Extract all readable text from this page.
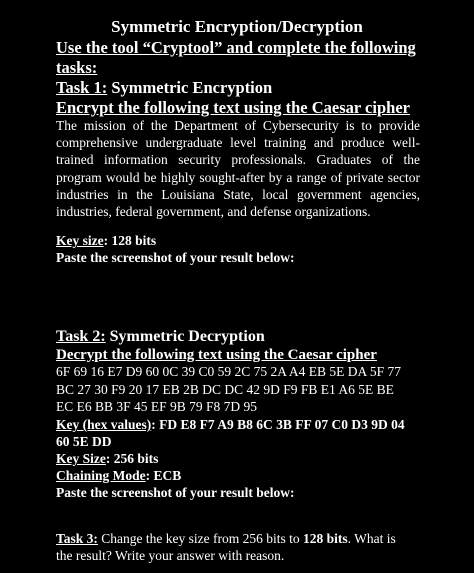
Symmetric Encryption/Decryption
Use the tool “Cryptool” and complete the following
tasks:
Task 1: Symmetric Encryption
Encrypt the following text using the Caesar cipher
The mission of the Department of Cybersecurity is to provide comprehensive undergraduate level training and produce well-trained information security professionals. Graduates of the program would be highly sought-after by a range of private sector industries in the Louisiana State, local government agencies, industries, federal government, and defense organizations.
Key size: 128 bits
Paste the screenshot of your result below:
Task 2: Symmetric Decryption
Decrypt the following text using the Caesar cipher
6F 69 16 E7 D9 60 0C 39 C0 59 2C 75 2A A4 EB 5E DA 5F 77
BC 27 30 F9 20 17 EB 2B DC DC 42 9D F9 FB E1 A6 5E BE
EC E6 BB 3F 45 EF 9B 79 F8 7D 95
Key (hex values): FD E8 F7 A9 B8 6C 3B FF 07 C0 D3 9D 04
60 5E DD
Key Size: 256 bits
Chaining Mode: ECB
Paste the screenshot of your result below:
Task 3: Change the key size from 256 bits to 128 bits. What is
the result? Write your answer with reason.
